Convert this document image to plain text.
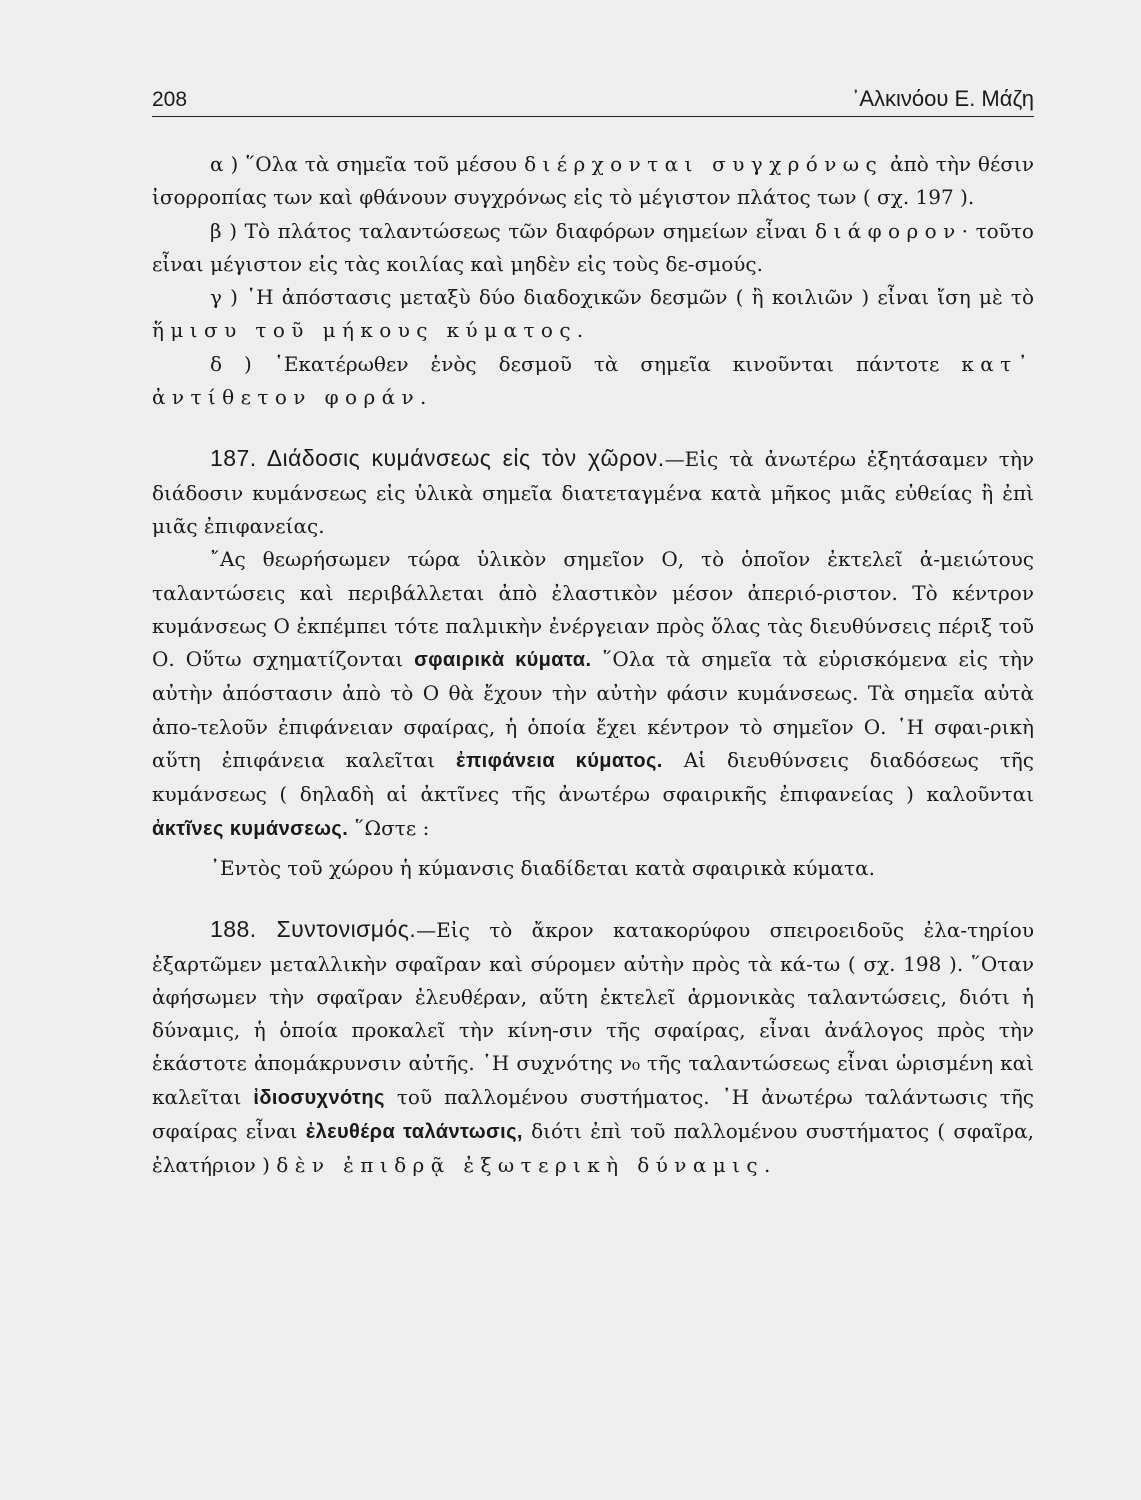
208	᾿Αλκινόου Ε. Μάζη

α ) ῞Ολα τὰ σημεῖα τοῦ μέσου διέρχονται συγχρόνως ἀπὸ τὴν θέσιν ἰσορροπίας των καὶ φθάνουν συγχρόνως εἰς τὸ μέγιστον πλάτος των ( σχ. 197 ).

β ) Τὸ πλάτος ταλαντώσεως τῶν διαφόρων σημείων εἶναι διάφορον· τοῦτο εἶναι μέγιστον εἰς τὰς κοιλίας καὶ μηδὲν εἰς τοὺς δε-σμούς.

γ ) ῾Η ἀπόστασις μεταξὺ δύο διαδοχικῶν δεσμῶν ( ἢ κοιλιῶν ) εἶναι ἴση μὲ τὸ ἥμισυ τοῦ μήκους κύματος.

δ ) ῾Εκατέρωθεν ἑνὸς δεσμοῦ τὰ σημεῖα κινοῦνται πάντοτε κατ᾿ ἀντίθετον φοράν.

187. Διάδοσις κυμάνσεως εἰς τὸν χῶρον.—Εἰς τὰ ἀνωτέρω ἐξητάσαμεν τὴν διάδοσιν κυμάνσεως εἰς ὑλικὰ σημεῖα διατεταγμένα κατὰ μῆκος μιᾶς εὐθείας ἢ ἐπὶ μιᾶς ἐπιφανείας.

῎Ας θεωρήσωμεν τώρα ὑλικὸν σημεῖον Ο, τὸ ὁποῖον ἐκτελεῖ ἀ-μειώτους ταλαντώσεις καὶ περιβάλλεται ἀπὸ ἐλαστικὸν μέσον ἀπεριό-ριστον. Τὸ κέντρον κυμάνσεως Ο ἐκπέμπει τότε παλμικὴν ἐνέργειαν πρὸς ὅλας τὰς διευθύνσεις πέριξ τοῦ Ο. Οὕτω σχηματίζονται σφαιρικὰ κύματα. ῞Ολα τὰ σημεῖα τὰ εὑρισκόμενα εἰς τὴν αὐτὴν ἀπόστασιν ἀπὸ τὸ Ο θὰ ἔχουν τὴν αὐτὴν φάσιν κυμάνσεως. Τὰ σημεῖα αὐτὰ ἀπο-τελοῦν ἐπιφάνειαν σφαίρας, ἡ ὁποία ἔχει κέντρον τὸ σημεῖον Ο. ῾Η σφαι-ρικὴ αὕτη ἐπιφάνεια καλεῖται ἐπιφάνεια κύματος. Αἱ διευθύνσεις διαδόσεως τῆς κυμάνσεως ( δηλαδὴ αἱ ἀκτῖνες τῆς ἀνωτέρω σφαιρικῆς ἐπιφανείας ) καλοῦνται ἀκτῖνες κυμάνσεως. ῞Ωστε :

᾿Εντὸς τοῦ χώρου ἡ κύμανσις διαδίδεται κατὰ σφαιρικὰ κύματα.

188. Συντονισμός.—Εἰς τὸ ἄκρον κατακορύφου σπειροειδοῦς ἐλα-τηρίου ἐξαρτῶμεν μεταλλικὴν σφαῖραν καὶ σύρομεν αὐτὴν πρὸς τὰ κά-τω ( σχ. 198 ). ῞Οταν ἀφήσωμεν τὴν σφαῖραν ἐλευθέραν, αὕτη ἐκτελεῖ ἁρμονικὰς ταλαντώσεις, διότι ἡ δύναμις, ἡ ὁποία προκαλεῖ τὴν κίνη-σιν τῆς σφαίρας, εἶναι ἀνάλογος πρὸς τὴν ἑκάστοτε ἀπομάκρυνσιν αὐτῆς. ῾Η συχνότης ν₀ τῆς ταλαντώσεως εἶναι ὡρισμένη καὶ καλεῖται ἰδιοσυχνότης τοῦ παλλομένου συστήματος. ῾Η ἀνωτέρω ταλάντωσις τῆς σφαίρας εἶναι ἐλευθέρα ταλάντωσις, διότι ἐπὶ τοῦ παλλομένου συστήματος ( σφαῖρα, ἐλατήριον ) δὲν ἐπιδρᾷ ἐξωτερικὴ δύναμις.
